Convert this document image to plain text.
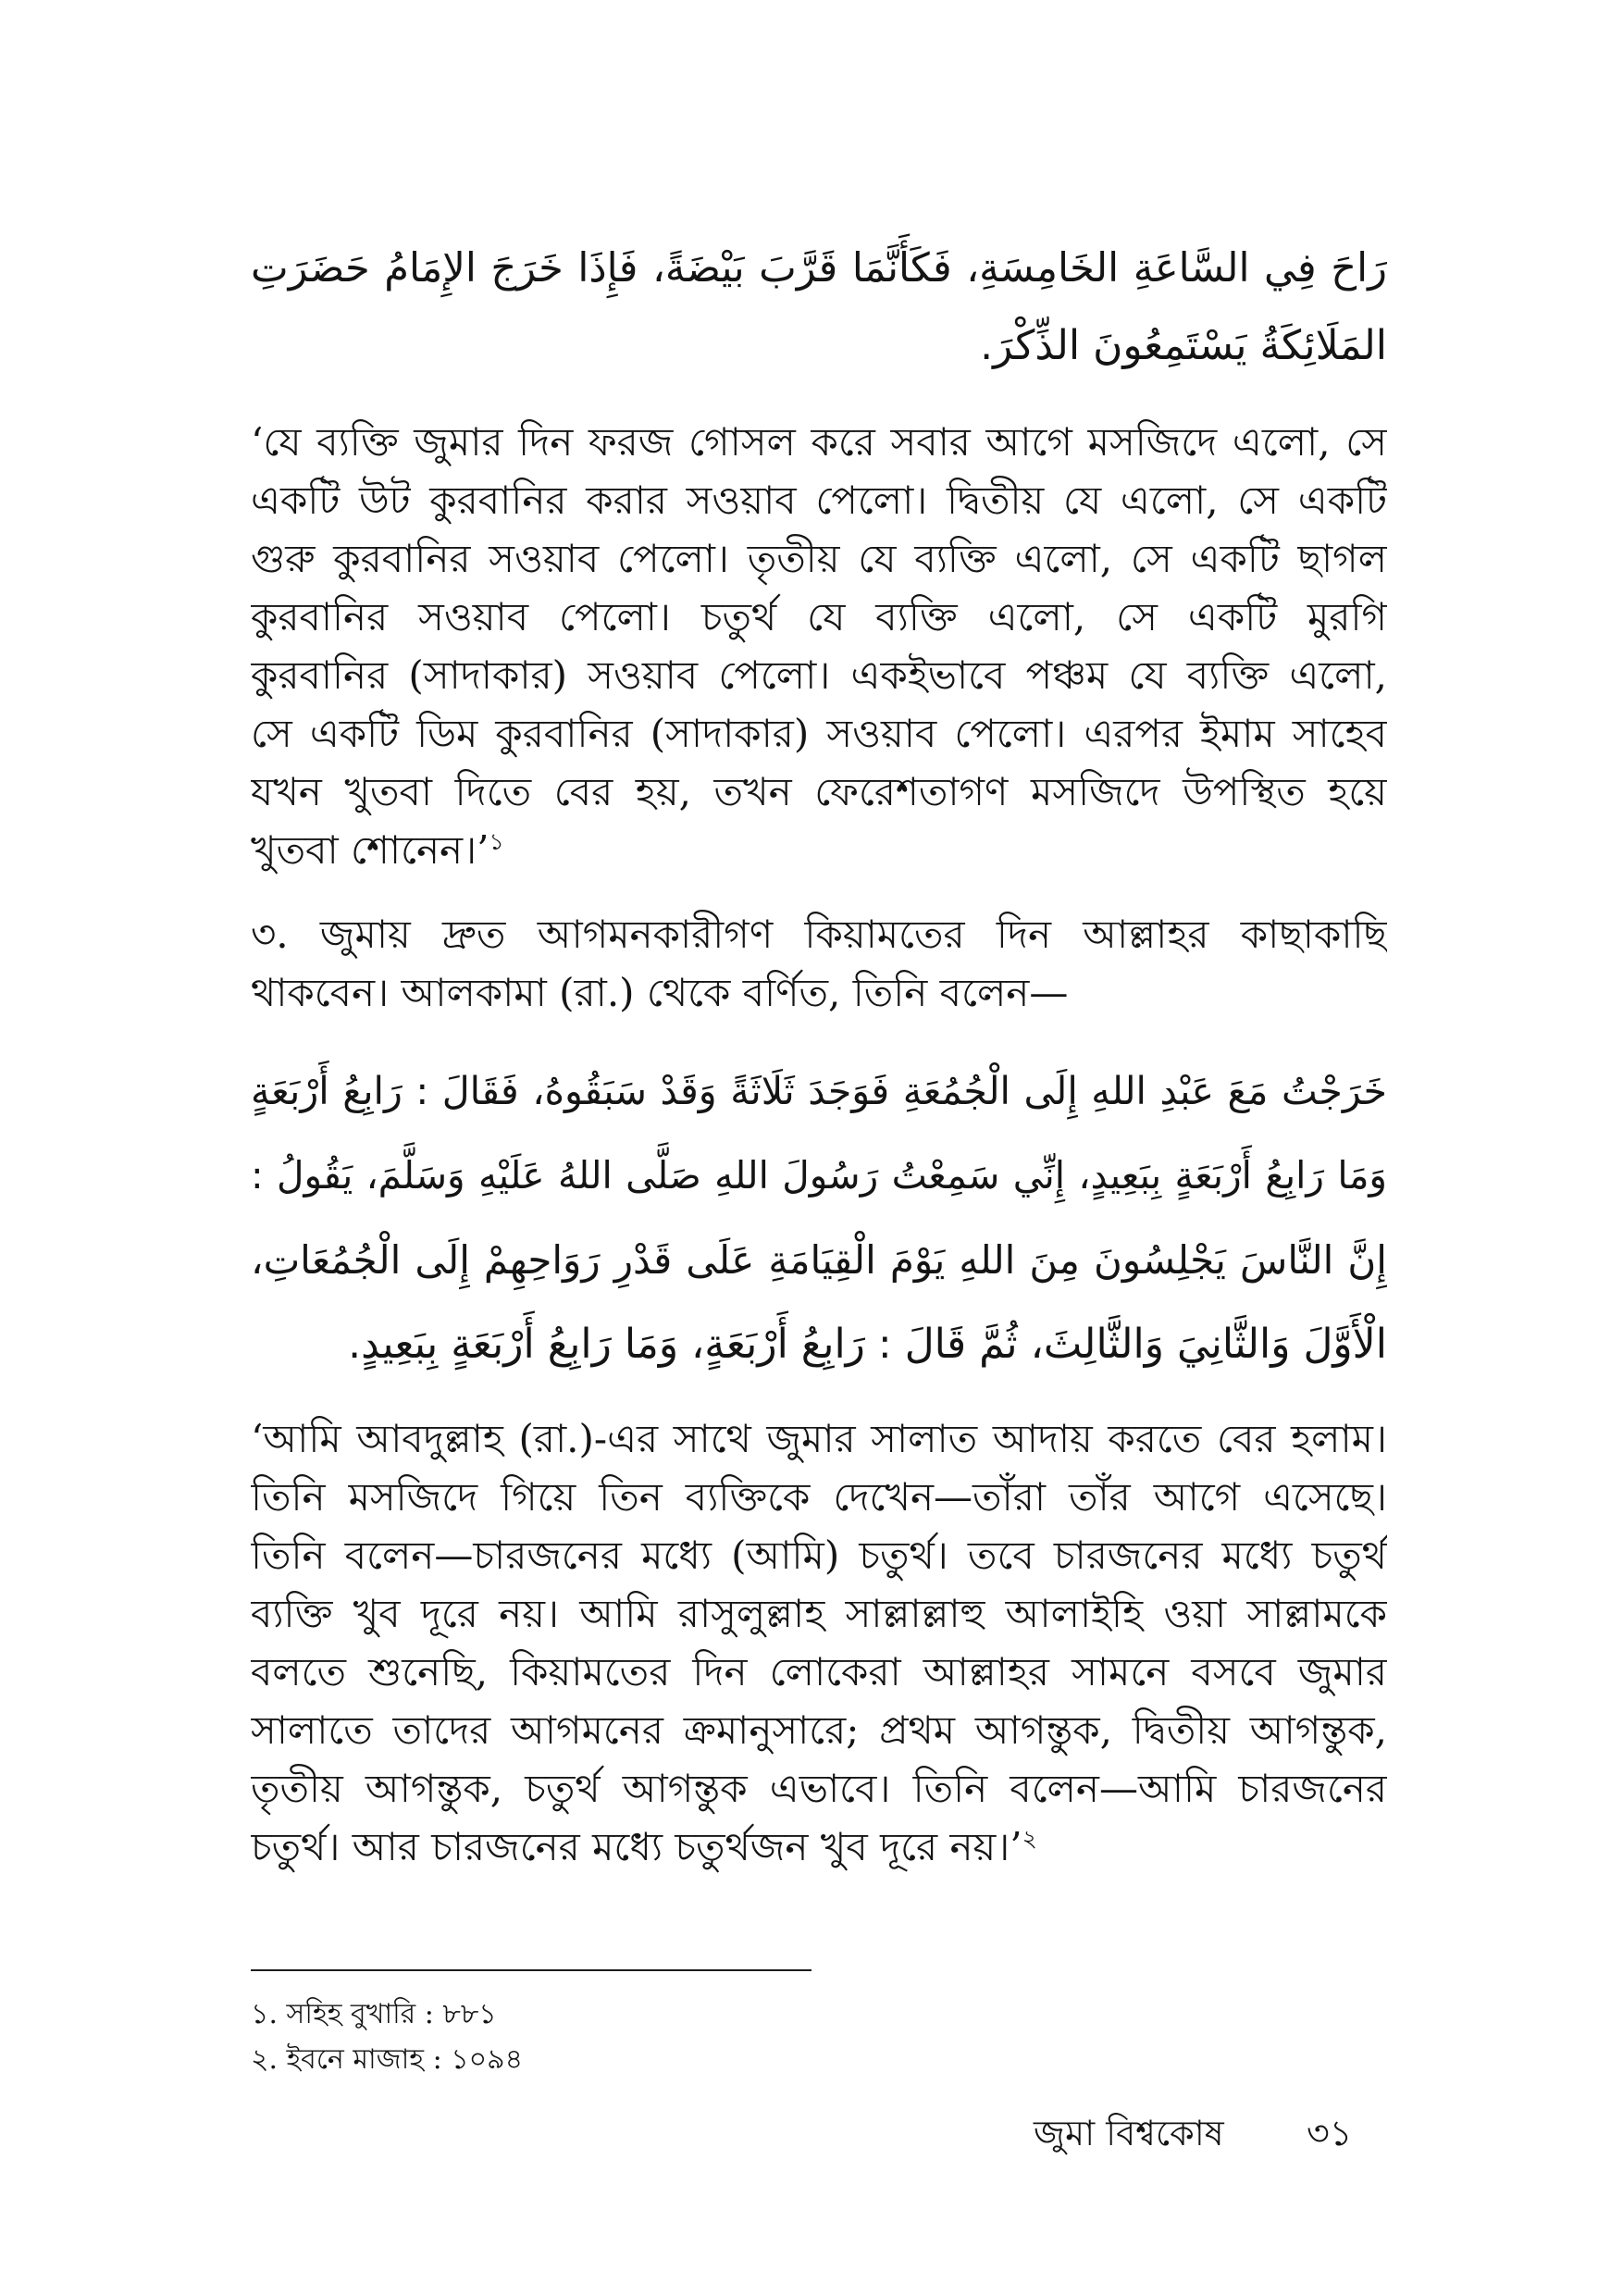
رَاحَ فِي السَّاعَةِ الخَامِسَةِ، فَكَأَنَّمَا قَرَّبَ بَيْضَةً، فَإِذَا خَرَجَ الإِمَامُ حَضَرَتِ
المَلَائِكَةُ يَسْتَمِعُونَ الذِّكْرَ.
‘যে ব্যক্তি জুমার দিন ফরজ গোসল করে সবার আগে মসজিদে এলো, সে
একটি উট কুরবানির করার সওয়াব পেলো। দ্বিতীয় যে এলো, সে একটি
গুরু কুরবানির সওয়াব পেলো। তৃতীয় যে ব্যক্তি এলো, সে একটি ছাগল
কুরবানির সওয়াব পেলো। চতুর্থ যে ব্যক্তি এলো, সে একটি মুরগি
কুরবানির (সাদাকার) সওয়াব পেলো। একইভাবে পঞ্চম যে ব্যক্তি এলো,
সে একটি ডিম কুরবানির (সাদাকার) সওয়াব পেলো। এরপর ইমাম সাহেব
যখন খুতবা দিতে বের হয়, তখন ফেরেশতাগণ মসজিদে উপস্থিত হয়ে
খুতবা শোনেন।’$^১$
৩. জুমায় দ্রুত আগমনকারীগণ কিয়ামতের দিন আল্লাহর কাছাকাছি
থাকবেন। আলকামা (রা.) থেকে বর্ণিত, তিনি বলেন—
خَرَجْتُ مَعَ عَبْدِ اللهِ إِلَى الْجُمُعَةِ فَوَجَدَ ثَلَاثَةً وَقَدْ سَبَقُوهُ، فَقَالَ : رَابِعُ أَرْبَعَةٍ
وَمَا رَابِعُ أَرْبَعَةٍ بِبَعِيدٍ، إِنِّي سَمِعْتُ رَسُولَ اللهِ صَلَّى اللهُ عَلَيْهِ وَسَلَّمَ، يَقُولُ :
إِنَّ النَّاسَ يَجْلِسُونَ مِنَ اللهِ يَوْمَ الْقِيَامَةِ عَلَى قَدْرِ رَوَاحِهِمْ إِلَى الْجُمُعَاتِ،
الْأَوَّلَ وَالثَّانِيَ وَالثَّالِثَ، ثُمَّ قَالَ : رَابِعُ أَرْبَعَةٍ، وَمَا رَابِعُ أَرْبَعَةٍ بِبَعِيدٍ.
‘আমি আবদুল্লাহ (রা.)-এর সাথে জুমার সালাত আদায় করতে বের হলাম।
তিনি মসজিদে গিয়ে তিন ব্যক্তিকে দেখেন—তাঁরা তাঁর আগে এসেছে।
তিনি বলেন—চারজনের মধ্যে (আমি) চতুর্থ। তবে চারজনের মধ্যে চতুর্থ
ব্যক্তি খুব দূরে নয়। আমি রাসুলুল্লাহ সাল্লাল্লাহু আলাইহি ওয়া সাল্লামকে
বলতে শুনেছি, কিয়ামতের দিন লোকেরা আল্লাহর সামনে বসবে জুমার
সালাতে তাদের আগমনের ক্রমানুসারে; প্রথম আগন্তুক, দ্বিতীয় আগন্তুক,
তৃতীয় আগন্তুক, চতুর্থ আগন্তুক এভাবে। তিনি বলেন—আমি চারজনের
চতুর্থ। আর চারজনের মধ্যে চতুর্থজন খুব দূরে নয়।’$^২$
১. সহিহ বুখারি : ৮৮১
২. ইবনে মাজাহ : ১০৯৪
জুমা বিশ্বকোষ ৩১
